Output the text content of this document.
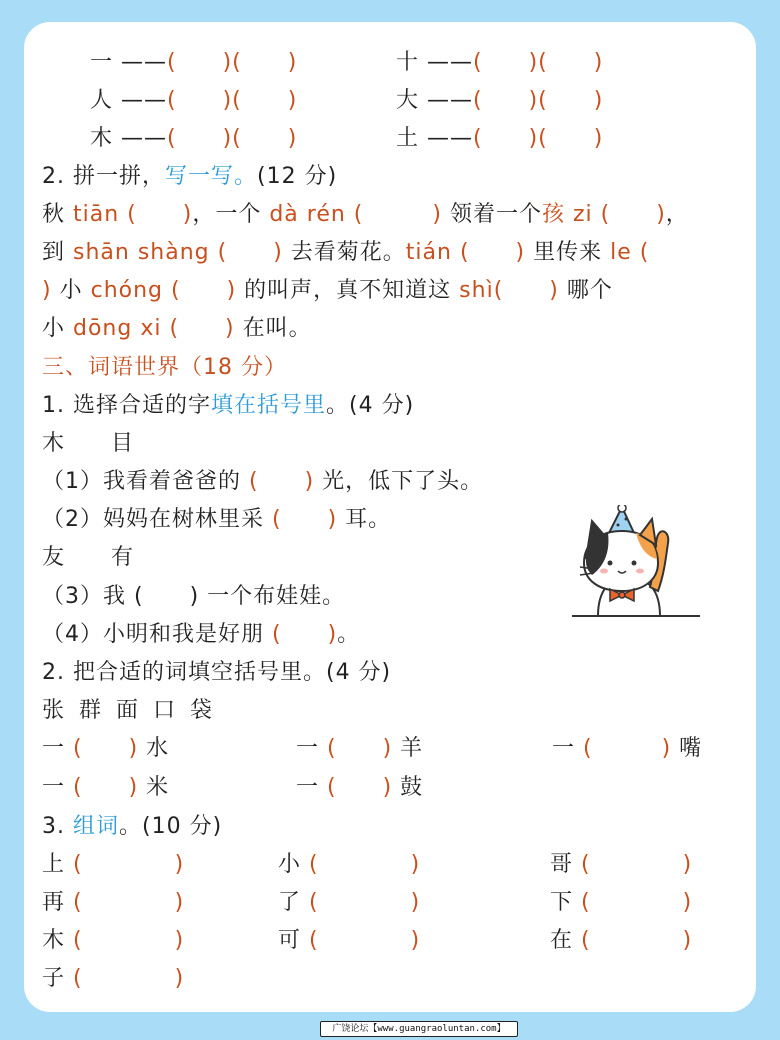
一 ——(　　)(　　)	十 ——(　　)(　　)
人 ——(　　)(　　)	大 ——(　　)(　　)
木 ——(　　)(　　)	土 ——(　　)(　　)
2. 拼一拼，写一写。(12 分)
秋 tiān (　　)，一个 dà rén (　　　) 领着一个孩 zi (　　)，
到 shān shàng (　　) 去看菊花。tián (　　) 里传来 le (
) 小 chóng (　　) 的叫声，真不知道这 shì(　　) 哪个
小 dōng xi (　　) 在叫。
三、词语世界（18 分）
1. 选择合适的字填在括号里。(4 分)
木　　目
（1）我看着爸爸的 (　　) 光，低下了头。
（2）妈妈在树林里采 (　　) 耳。
友　　有
（3）我 (　　) 一个布娃娃。
（4）小明和我是好朋 (　　)。
2. 把合适的词填空括号里。(4 分)
张 群 面 口 袋
一 (　　) 水	一 (　　) 羊	一 (　　　) 嘴
一 (　　) 米	一 (　　) 鼓
3. 组词。(10 分)
上 (　　　　)	小 (　　　　)	哥 (　　　　)
再 (　　　　)	了 (　　　　)	下 (　　　　)
木 (　　　　)	可 (　　　　)	在 (　　　　)
子 (　　　　)
广饶论坛【www.guangraoluntan.com】
